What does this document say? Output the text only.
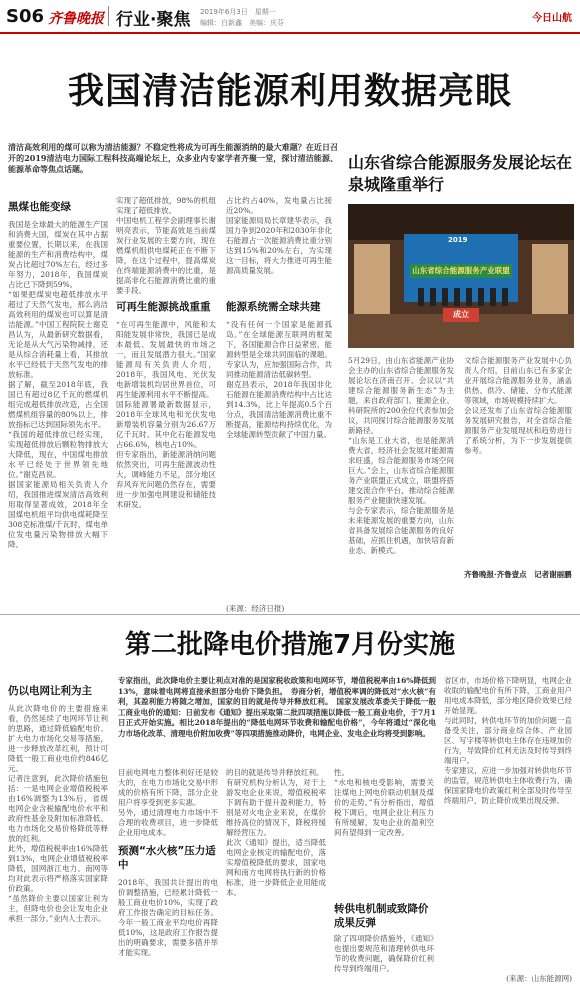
S06 齐鲁晚报 行业·聚焦 2019年6月3日　星期一
编辑：白新鑫　美编：庆芬	今日山航
我国清洁能源利用数据亮眼
清洁高效利用的煤可以称为清洁能源？不稳定性将成为可再生能源消纳的最大难题？在近日召开的2019清洁电力国际工程科技高端论坛上，众多业内专家学者齐聚一堂，探讨清洁能源、能源革命等焦点话题。
黑煤也能变绿
我国是全球最大的能源生产国和消费大国，煤炭在其中占据重要位置，长期以来，在我国能源的生产和消费结构中，煤炭占比超过70%左右，经过多年努力，2018年，我国煤炭占比已下降到59%。
“如果把煤炭电超低排放水平超过了天然气发电，那么消洁高效利用的煤炭也可以算是清洁能源。”中国工程院院士谢克昌认为，从最新研究数据看，无论是从大气污染物减排，还是从综合消耗量上看，其排放水平已经低于天然气发电的排放标准。
据了解，截至2018年底，我国已有超过8亿千瓦的燃煤机组完成超低排放改造，占全国燃煤机组容量的80%以上，排放指标已达到国际领先水平。
“我国的超低排放已经实现，实现超低排放后颗粒物排放大大降低，现在，中国煤电排放水平已经处于世界领先地位。”谢克昌说。
据国家能源局相关负责人介绍，我国推进煤炭清洁高效利用取得显著成效，2018年全国煤电机组平均供电煤耗降至308克标准煤/千瓦时，煤电单位发电量污染物排放大幅下降。
实现了超低排放，98%的机组实现了超低排放。
中国电机工程学会副理事长谢明亮表示，节能高效是当前煤炭行业发展的主要方向，现在燃煤机组供电煤耗正在不断下降，在这个过程中，提高煤炭在终端能源消费中的比重，是提高非化石能源消费比重的重要手段。
可再生能源挑战重重
“在可再生能源中，风能和太阳能发展非常快，我国已是成本最低、发展最快的市场之一，而且发展潜力很大。”国家能源局有关负责人介绍，2018年，我国风电、光伏发电新增装机均居世界首位，可再生能源利用水平不断提高。
国际能源署最新数据显示，2018年全球风电和光伏发电新增装机容量分别为26.67万亿千瓦时、其中化石能源发电占66.6%，核电占10%。
但专家指出，新能源消纳问题依然突出，可再生能源波动性大，调峰能力不足，部分地区弃风弃光问题仍然存在，需要进一步加强电网建设和储能技术研发。
占比约占40%，发电量占比接近20%。
国家能源局局长章建华表示，我国力争到2020年和2030年非化石能源占一次能源消费比重分别达到15%和20%左右，为实现这一目标，将大力推进可再生能源高质量发展。
能源系统需全球共建
“没有任何一个国家是能源孤岛。”在全球能源互联网的框架下，各国能源合作日益紧密，能源转型是全球共同面临的课题。专家认为，应加强国际合作，共同推动能源清洁低碳转型。
谢克昌表示，2018年我国非化石能源在能源消费结构中占比达到14.3%，比上年提高0.5个百分点，我国清洁能源消费比重不断提高，能源结构持续优化，为全球能源转型贡献了中国力量。
(来源：经济日报)
山东省综合能源服务发展论坛在泉城隆重举行
2019
山东省综合能源服务产业联盟
成立
5月29日，由山东省能源产业协会主办的山东省综合能源服务发展论坛在济南召开。会议以“共建综合能源服务新生态”为主题，来自政府部门、能源企业、科研院所的200余位代表参加会议，共同探讨综合能源服务发展新路径。
“山东是工业大省，也是能源消费大省，经济社会发展对能源需求旺盛，综合能源服务市场空间巨大。”会上，山东省综合能源服务产业联盟正式成立，联盟将搭建交流合作平台，推动综合能源服务产业健康快速发展。
与会专家表示，综合能源服务是未来能源发展的重要方向，山东省具备发展综合能源服务的良好基础，应抓住机遇，加快培育新业态、新模式。
文综合能源服务产业发展中心负责人介绍，目前山东已有多家企业开展综合能源服务业务，涵盖供热、供冷、储能、分布式能源等领域，市场规模持续扩大。
会议还发布了山东省综合能源服务发展研究报告，对全省综合能源服务产业发展现状和趋势进行了系统分析，为下一步发展提供参考。
齐鲁晚报·齐鲁壹点　记者谢丽鹏
第二批降电价措施7月份实施
专家指出，此次降电价主要让利点对准的是国家税收政策和电网环节，增值税税率由16%降低到13%，意味着电网将直接承担部分电价下降负担。　券商分析，增值税率调的降低对“水火核”有利，其盈利能力将随之增加，国家的目的就是传导并释放红利。　国家发展改革委关于降低一般工商业电价的通知：日前发布《通知》提出采取第二批四项措施以降低一般工商业电价，于7月1日正式开始实施。相比2018年提出的“降低电网环节收费和输配电价格”，今年将通过“深化电力市场化改革、清理电价附加收费”等四项措施推动降价，电网企业、发电企业均将受到影响。
仍以电网让利为主
从此次降电价的主要措施来看，仍然延续了电网环节让利的思路，通过降低输配电价、扩大电力市场化交易等措施，进一步释放改革红利，预计可降低一般工商业电价约846亿元。
记者注意到，此次降价措施包括：一是电网企业增值税税率由16%调整为13%后，省级电网企业含税输配电价水平和政府性基金及附加标准降低、电力市场化交易价格降低等释放的红利。
此外，增值税税率由16%降低到13%，电网企业增值税税率降低，国网浙江电力、南网等均对此表示将严格落实国家降价政策。
“虽然降价主要以国家让利为主，但降电价也会让发电企业承担一部分。”业内人士表示。
目前电网电力整体利好还是较大的，在电力市场化交易中形成的价格有所下降，部分企业用户将享受到更多实惠。
另外，通过清理电力市场中不合理的收费项目，进一步降低企业用电成本。
预测“水火核”压力适中
2018年，我国共计提出的电价调整措施，已经累计降低一般工商业电价10%，实现了政府工作报告确定的目标任务。今年一般工商业平均电价再降低10%，这是政府工作报告提出的明确要求，需要多措并举才能实现。
的目的就是传导并释放红利。
有研究机构分析认为，对于上游发电企业来说，增值税税率下调有助于提升盈利能力，特别是对火电企业来说，在煤价维持高位的情况下，降税将缓解经营压力。
此次《通知》提出，适当降低电网企业核定的输配电价，落实增值税降低的要求，国家电网和南方电网将执行新的价格标准，进一步降低企业用能成本。
性。
“水电和核电受影响，需要关注煤电上网电价联动机制及煤价的走势。”有分析指出，增值税下调后，电网企业让利压力有所缓解，发电企业的盈利空间有望得到一定改善。
转供电机制或致降价成果反弹
除了四项降价措施外，《通知》也提出要规范和清理转供电环节的收费问题，确保降价红利传导到终端用户。
省区市，市场价格下降明显，电网企业收取的输配电价有所下降，工商业用户用电成本降低，部分地区降价效果已经开始显现。
与此同时，转供电环节的加价问题一直备受关注，部分商业综合体、产业园区、写字楼等转供电主体存在违规加价行为，导致降价红利无法及时传导到终端用户。
专家建议，应进一步加强对转供电环节的监管，规范转供电主体收费行为，确保国家降电价政策红利全部及时传导至终端用户，防止降价成果出现反弹。
(来源：山东能源网)
